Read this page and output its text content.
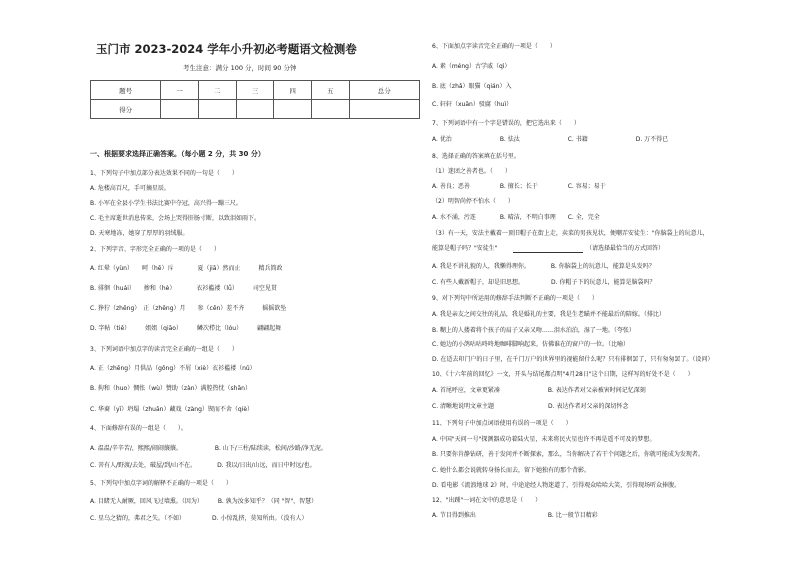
玉门市 2023-2024 学年小升初必考题语文检测卷
考生注意：满分 100 分，时间 90 分钟
题号	一	二	三	四	五	总分
得分						
一、根据要求选择正确答案。（每小题 2 分，共 30 分）
1、下列句子中加点部分表达效果不同的一句是（　　）
A. 危楼高百尺，手可摘星辰。
B. 小军在全县小学生书法比赛中夺冠，高兴得一蹦三尺。
C. 毛主席逝世消息传来，会场上哭得肝肠寸断，以致泪如雨下。
D. 天寒地冻，她穿了厚厚的羽绒服。
2、下列字音、字形完全正确的一项的是（　　）
A. 红晕（yùn）　　呵（hē）斥　　　　夏（jiā）然而止　　　精兵简政
B. 徘徊（huái）　　掺和（hè）　　　　衣衫褴褛（lǚ）　　　司空见贯
C. 狰狞（zhēng）　正（zhēng）月　　参（cēn）差不齐　　　摇摇欲坠
D. 字帖（tiě）　　　姐姐（qiāo）　　　鳞次栉比（lóu）　　　翩翩起舞
3、下列词语中加点字的读音完全正确的一组是（　　）
A. 正（zhēng）月供品（gōng）不屑（xiè）衣衫褴褛（nǔ）
B. 拘和（huo）惆怅（wù）赞助（zàn）满腔热忱（shān）
C. 华裔（yī）坍塌（zhuān）藏戏（zàng）锲而不舍（qiè）
4、下面修辞有误的一组是（　　）。
A. 温温/辛辛苦/，熙熙/闹闹攘攘。　　　　　　B. 山下/三柱/陆续读，松间/沙路/净无泥。
C. 菩有人/野渡/去处，破屋/到/山不在。　　　　D. 我以/日出/山远，而日中时远/也。
5、下列句中加点字词的解释不正确的一项是（　　）
A. 目睹无人耐厥，回风飞过墙熏。（因为）　　　B. 孰为汝多知乎？（同 "智"，智慧）
C. 星乌之猜的，弗君之失。（不如）　　　　　D. 小惊乱挤，莫知所由。（没有人）
6、下面加点字读音完全正确的一项是（　　）
A. 素（méng）古学戚（qì）
B. 底（zhǎ）眼猫（qián）入
C. 轩轩（xuān）驳腐（huì）
7、下列词语中有一个字是错误的，把它选出来（　　）
A. 优治　　　　　　　　B. 怯汰　　　　　　　　C. 书籍　　　　　　　　D. 万不得已
8、选择正确的答案填在括号里。
（1）迷团之善者也。（　　）
A. 善良；恶善　　　　　B. 擅长；长于　　　　　C. 容易；易于
（2）明智尚停不怕水（　　）
A. 水不涌，污连　　　　B. 晴洁，不明白事理　　C. 全，完全
（3）有一天，安法主戴着一顶旧帽子在街上走，卖菜的男孩见状，便嘲弄安徒生："你脑袋上的玩意儿，
能算是帽子吗？"安徒生"	（请选择最恰当的方式回答）
A. 我是不讲礼貌的人，我懒得理你。　　　　B. 你脑袋上的玩意儿，能算是头发吗？
C. 有些人戴新帽子，却是旧思想。　　　　　D. 你帽子下的玩意儿，能算是脑袋吗？
9、对下列句中所运用的修辞手法判断不正确的一项是（　　）
A. 我是亲友之间交往的礼品，我是婚礼的主要，我是生老瞄并不能最后的陪嫁。（排比）
B. 糊上的人搂着将个孩子的肩子又亲又吻……泪水泊泊，湿了一地。（夸张）
C. 她边的小鸽咕咕咚咚地咖啡脚响起来，仿佛谁在的窗户的一位。（比喻）
D. 在适去印门户的日子里，在千门万户的世界里的视能留什么呢？只有徘徊罢了，只有匆匆罢了。（设问）
10、《十六年前的回忆》一文，开头与结尾都点明"4月28日"这个日期，这样写的好处不是（　　）
A. 首尾呼应，文章更紧凑　　　　　　　　B. 表达作者对父亲被害时间记忆深刻
C. 清晰地说明文章主题　　　　　　　　　D. 表达作者对父亲的深切怀念
11、下列句子中加点词语使用有误的一项是（　　）
A. 中国"天问一号"探测器成功着陆火星，未来将民火星也许不再是遥不可及的梦想。
B. 只要你肯静钻研，善于发问并不断探索，那么，当你解决了若干个问题之后，你就可能成为发现者。
C. 她什么都会说就转身扬长而去，留下她独有的那个背影。
D. 看电影《流浪地球 2》时，中途途经人物迷道了，引得观众哈哈大笑，引得现场听众捧腹。
12、"出踵"一词在文中的意思是（　　）
A. 节目得到推出　　　　　　　　　　　　B. 比一般节目精彩
